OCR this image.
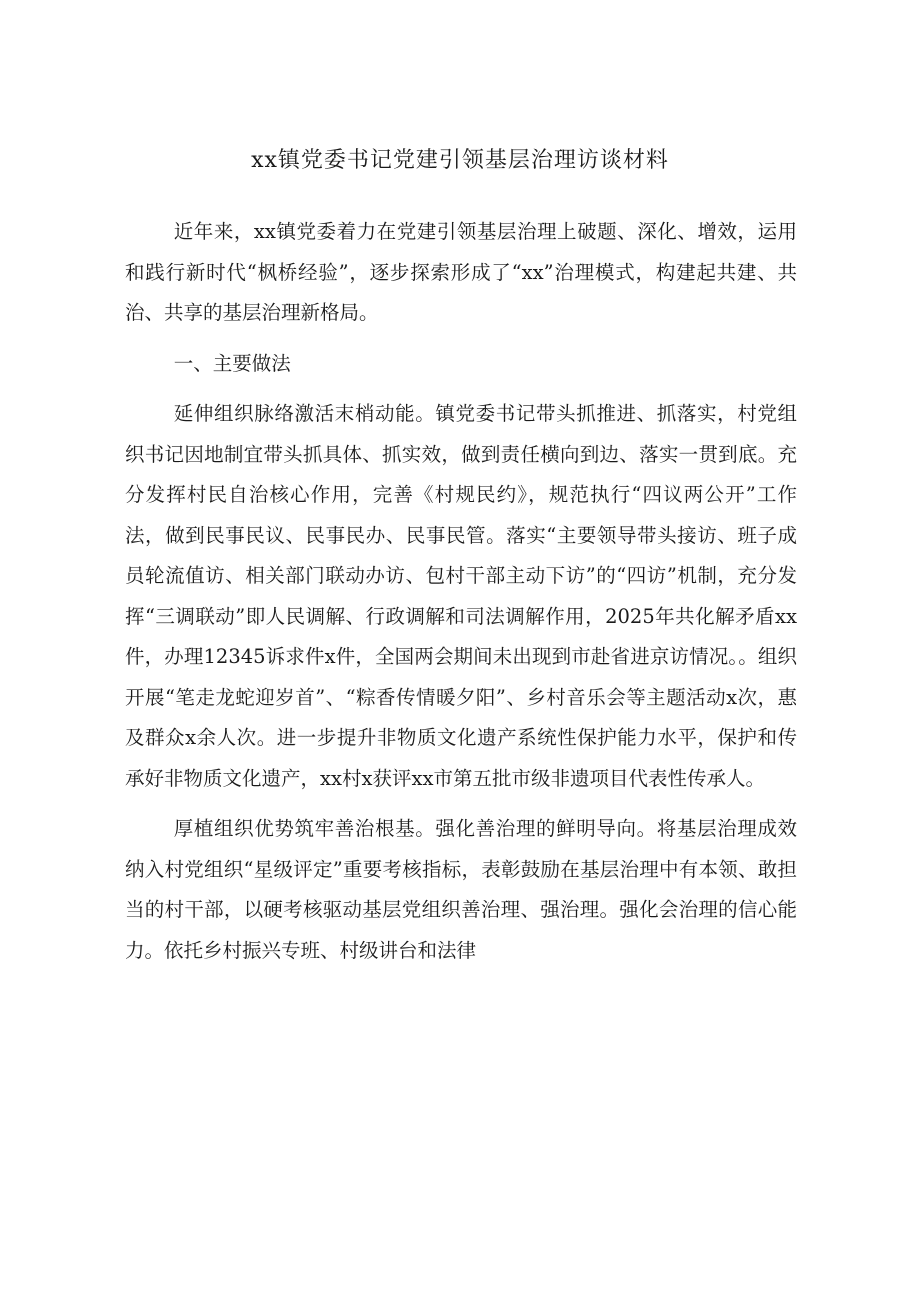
xx镇党委书记党建引领基层治理访谈材料

近年来，xx镇党委着力在党建引领基层治理上破题、深化、增效，运用和践行新时代“枫桥经验”，逐步探索形成了“xx”治理模式，构建起共建、共治、共享的基层治理新格局。

一、主要做法

延伸组织脉络激活末梢动能。镇党委书记带头抓推进、抓落实，村党组织书记因地制宜带头抓具体、抓实效，做到责任横向到边、落实一贯到底。充分发挥村民自治核心作用，完善《村规民约》，规范执行“四议两公开”工作法，做到民事民议、民事民办、民事民管。落实“主要领导带头接访、班子成员轮流值访、相关部门联动办访、包村干部主动下访”的“四访”机制，充分发挥“三调联动”即人民调解、行政调解和司法调解作用，2025年共化解矛盾xx件，办理12345诉求件x件，全国两会期间未出现到市赴省进京访情况。。组织开展“笔走龙蛇迎岁首”、“粽香传情暖夕阳”、乡村音乐会等主题活动x次，惠及群众x余人次。进一步提升非物质文化遗产系统性保护能力水平，保护和传承好非物质文化遗产，xx村x获评xx市第五批市级非遗项目代表性传承人。

厚植组织优势筑牢善治根基。强化善治理的鲜明导向。将基层治理成效纳入村党组织“星级评定”重要考核指标，表彰鼓励在基层治理中有本领、敢担当的村干部，以硬考核驱动基层党组织善治理、强治理。强化会治理的信心能力。依托乡村振兴专班、村级讲台和法律
